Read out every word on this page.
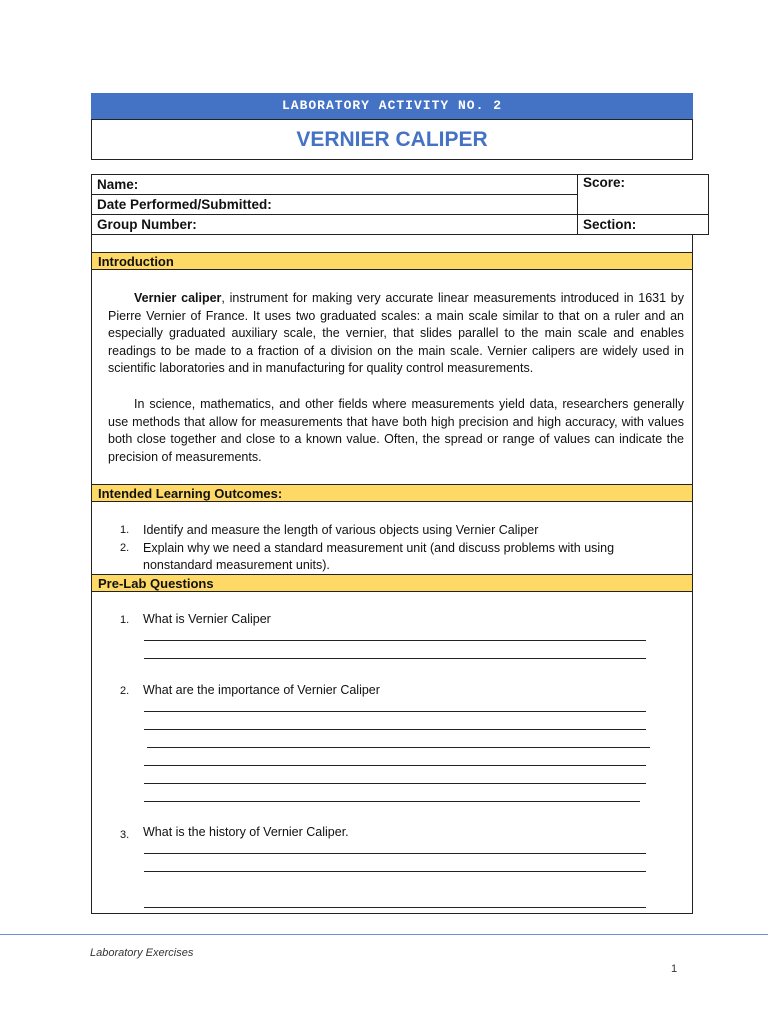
LABORATORY ACTIVITY NO. 2
VERNIER CALIPER
Name:	Score:
Date Performed/Submitted:	
Group Number:	Section:
Introduction
Vernier caliper, instrument for making very accurate linear measurements introduced in 1631 by Pierre Vernier of France. It uses two graduated scales: a main scale similar to that on a ruler and an especially graduated auxiliary scale, the vernier, that slides parallel to the main scale and enables readings to be made to a fraction of a division on the main scale. Vernier calipers are widely used in scientific laboratories and in manufacturing for quality control measurements.
In science, mathematics, and other fields where measurements yield data, researchers generally use methods that allow for measurements that have both high precision and high accuracy, with values both close together and close to a known value. Often, the spread or range of values can indicate the precision of measurements.
Intended Learning Outcomes:
1. Identify and measure the length of various objects using Vernier Caliper
2. Explain why we need a standard measurement unit (and discuss problems with using nonstandard measurement units).
Pre-Lab Questions
1. What is Vernier Caliper
2. What are the importance of Vernier Caliper
3. What is the history of Vernier Caliper.
Laboratory Exercises
1
